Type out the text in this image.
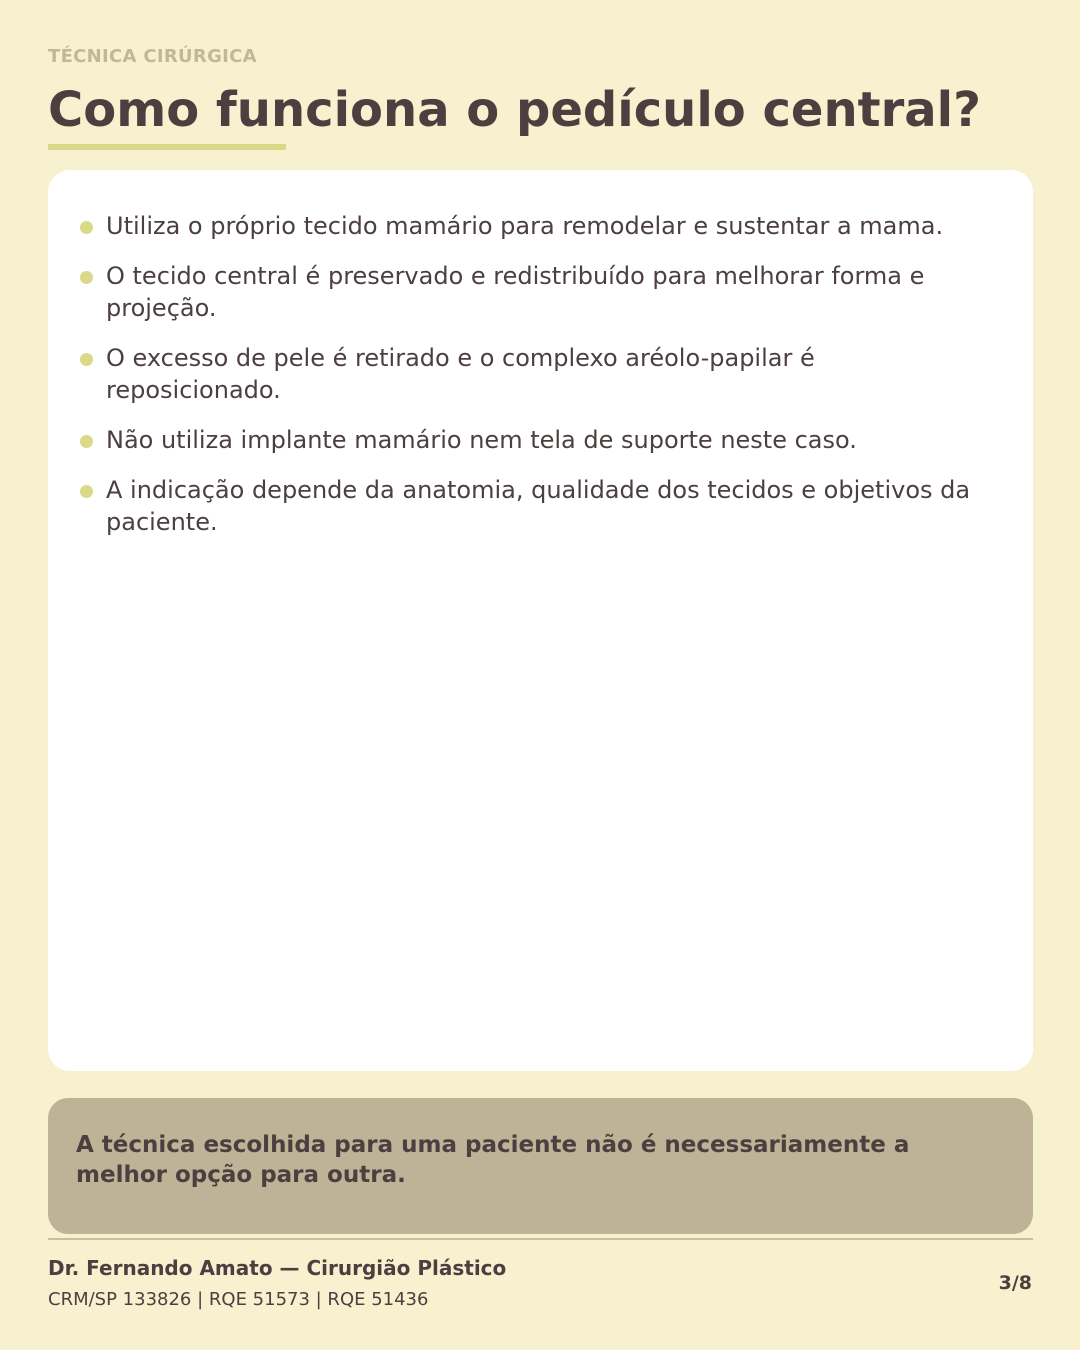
TÉCNICA CIRÚRGICA
Como funciona o pedículo central?
Utiliza o próprio tecido mamário para remodelar e sustentar a mama.
O tecido central é preservado e redistribuído para melhorar forma e projeção.
O excesso de pele é retirado e o complexo aréolo-papilar é reposicionado.
Não utiliza implante mamário nem tela de suporte neste caso.
A indicação depende da anatomia, qualidade dos tecidos e objetivos da paciente.

A técnica escolhida para uma paciente não é necessariamente a melhor opção para outra.

Dr. Fernando Amato — Cirurgião Plástico
CRM/SP 133826 | RQE 51573 | RQE 51436
3/8
